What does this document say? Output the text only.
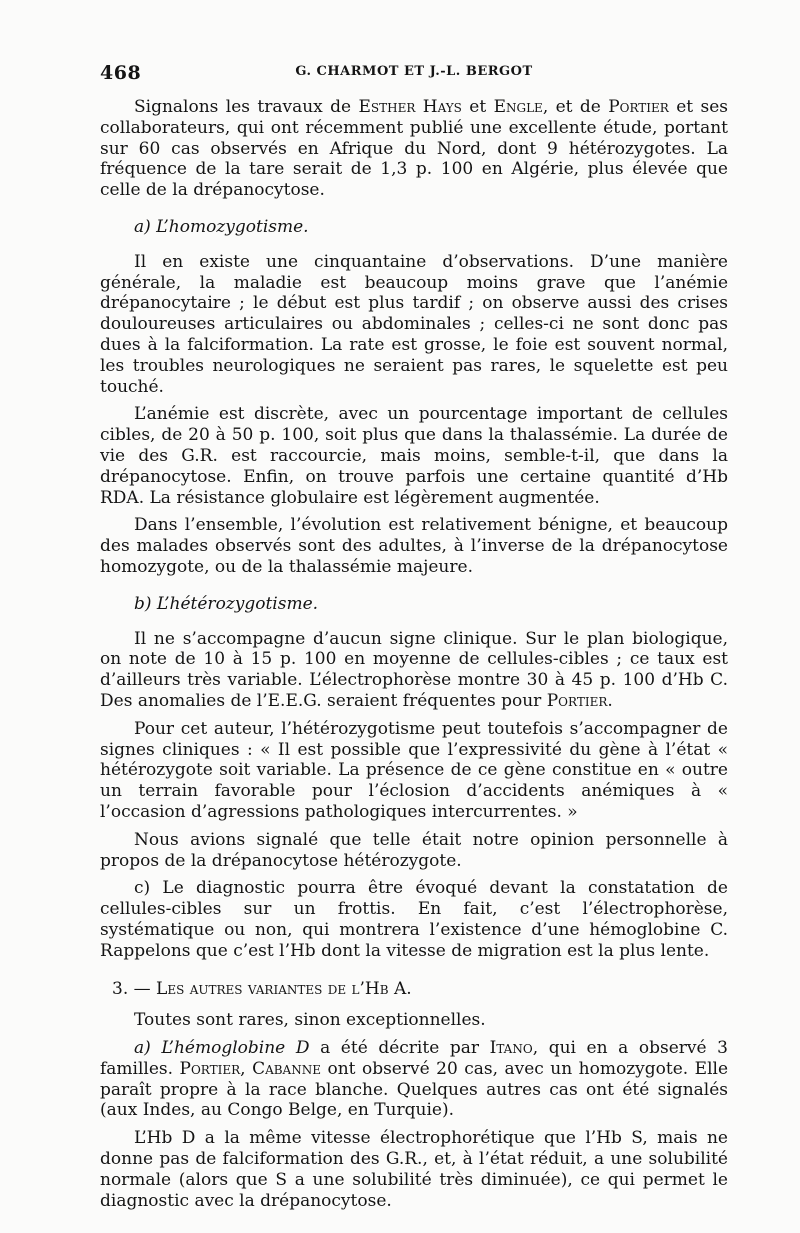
468	G. CHARMOT ET J.-L. BERGOT

Signalons les travaux de Esther Hays et Engle, et de Portier et ses collaborateurs, qui ont récemment publié une excellente étude, portant sur 60 cas observés en Afrique du Nord, dont 9 hétérozygotes. La fréquence de la tare serait de 1,3 p. 100 en Algérie, plus élevée que celle de la drépanocytose.

a) L’homozygotisme.

Il en existe une cinquantaine d’observations. D’une manière générale, la maladie est beaucoup moins grave que l’anémie drépanocytaire ; le début est plus tardif ; on observe aussi des crises douloureuses articulaires ou abdominales ; celles-ci ne sont donc pas dues à la falciformation. La rate est grosse, le foie est souvent normal, les troubles neurologiques ne seraient pas rares, le squelette est peu touché.

L’anémie est discrète, avec un pourcentage important de cellules cibles, de 20 à 50 p. 100, soit plus que dans la thalassémie. La durée de vie des G.R. est raccourcie, mais moins, semble-t-il, que dans la drépanocytose. Enfin, on trouve parfois une certaine quantité d’Hb RDA. La résistance globulaire est légèrement augmentée.

Dans l’ensemble, l’évolution est relativement bénigne, et beaucoup des malades observés sont des adultes, à l’inverse de la drépanocytose homozygote, ou de la thalassémie majeure.

b) L’hétérozygotisme.

Il ne s’accompagne d’aucun signe clinique. Sur le plan biologique, on note de 10 à 15 p. 100 en moyenne de cellules-cibles ; ce taux est d’ailleurs très variable. L’électrophorèse montre 30 à 45 p. 100 d’Hb C. Des anomalies de l’E.E.G. seraient fréquentes pour Portier.

Pour cet auteur, l’hétérozygotisme peut toutefois s’accompagner de signes cliniques : « Il est possible que l’expressivité du gène à l’état « hétérozygote soit variable. La présence de ce gène constitue en « outre un terrain favorable pour l’éclosion d’accidents anémiques à « l’occasion d’agressions pathologiques intercurrentes. »

Nous avions signalé que telle était notre opinion personnelle à propos de la drépanocytose hétérozygote.

c) Le diagnostic pourra être évoqué devant la constatation de cellules-cibles sur un frottis. En fait, c’est l’électrophorèse, systématique ou non, qui montrera l’existence d’une hémoglobine C. Rappelons que c’est l’Hb dont la vitesse de migration est la plus lente.

3. — Les autres variantes de l’Hb A.

Toutes sont rares, sinon exceptionnelles.

a) L’hémoglobine D a été décrite par Itano, qui en a observé 3 familles. Portier, Cabanne ont observé 20 cas, avec un homozygote. Elle paraît propre à la race blanche. Quelques autres cas ont été signalés (aux Indes, au Congo Belge, en Turquie).

L’Hb D a la même vitesse électrophorétique que l’Hb S, mais ne donne pas de falciformation des G.R., et, à l’état réduit, a une solubilité normale (alors que S a une solubilité très diminuée), ce qui permet le diagnostic avec la drépanocytose.
